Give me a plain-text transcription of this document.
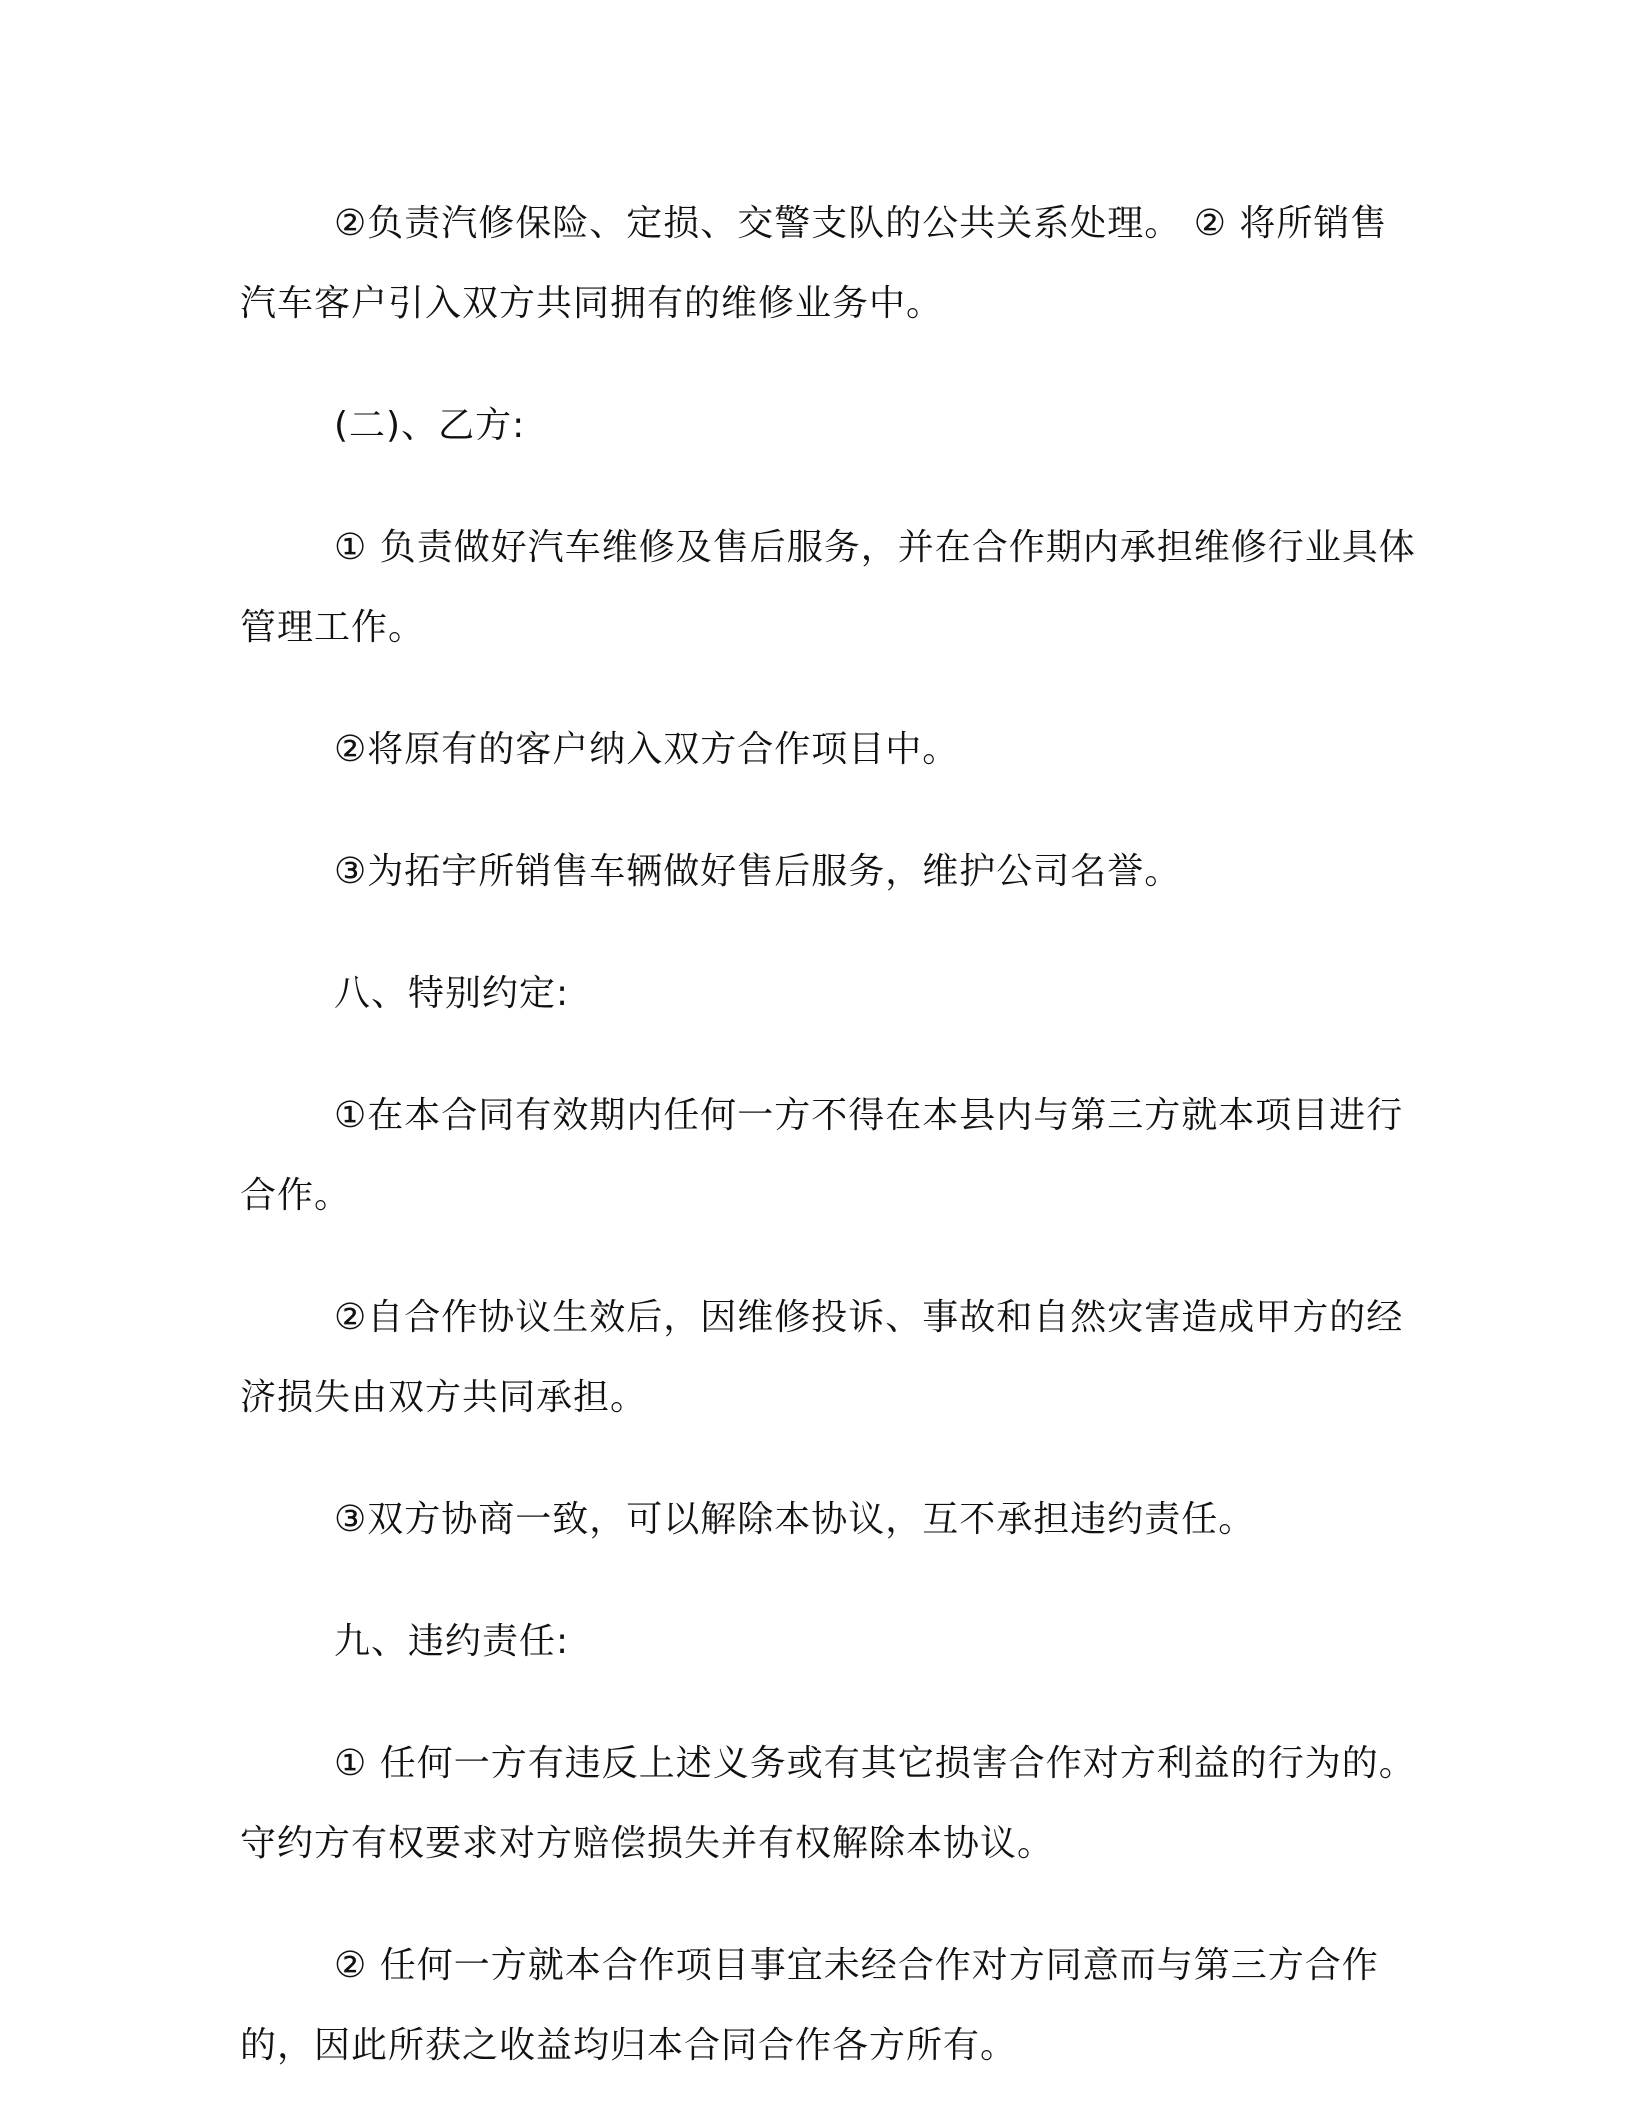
②负责汽修保险、定损、交警支队的公共关系处理。 ② 将所销售汽车客户引入双方共同拥有的维修业务中。

(二)、乙方:

① 负责做好汽车维修及售后服务，并在合作期内承担维修行业具体管理工作。

②将原有的客户纳入双方合作项目中。

③为拓宇所销售车辆做好售后服务，维护公司名誉。

八、特别约定:

①在本合同有效期内任何一方不得在本县内与第三方就本项目进行合作。

②自合作协议生效后，因维修投诉、事故和自然灾害造成甲方的经济损失由双方共同承担。

③双方协商一致，可以解除本协议，互不承担违约责任。

九、违约责任:

① 任何一方有违反上述义务或有其它损害合作对方利益的行为的。守约方有权要求对方赔偿损失并有权解除本协议。

② 任何一方就本合作项目事宜未经合作对方同意而与第三方合作的，因此所获之收益均归本合同合作各方所有。
